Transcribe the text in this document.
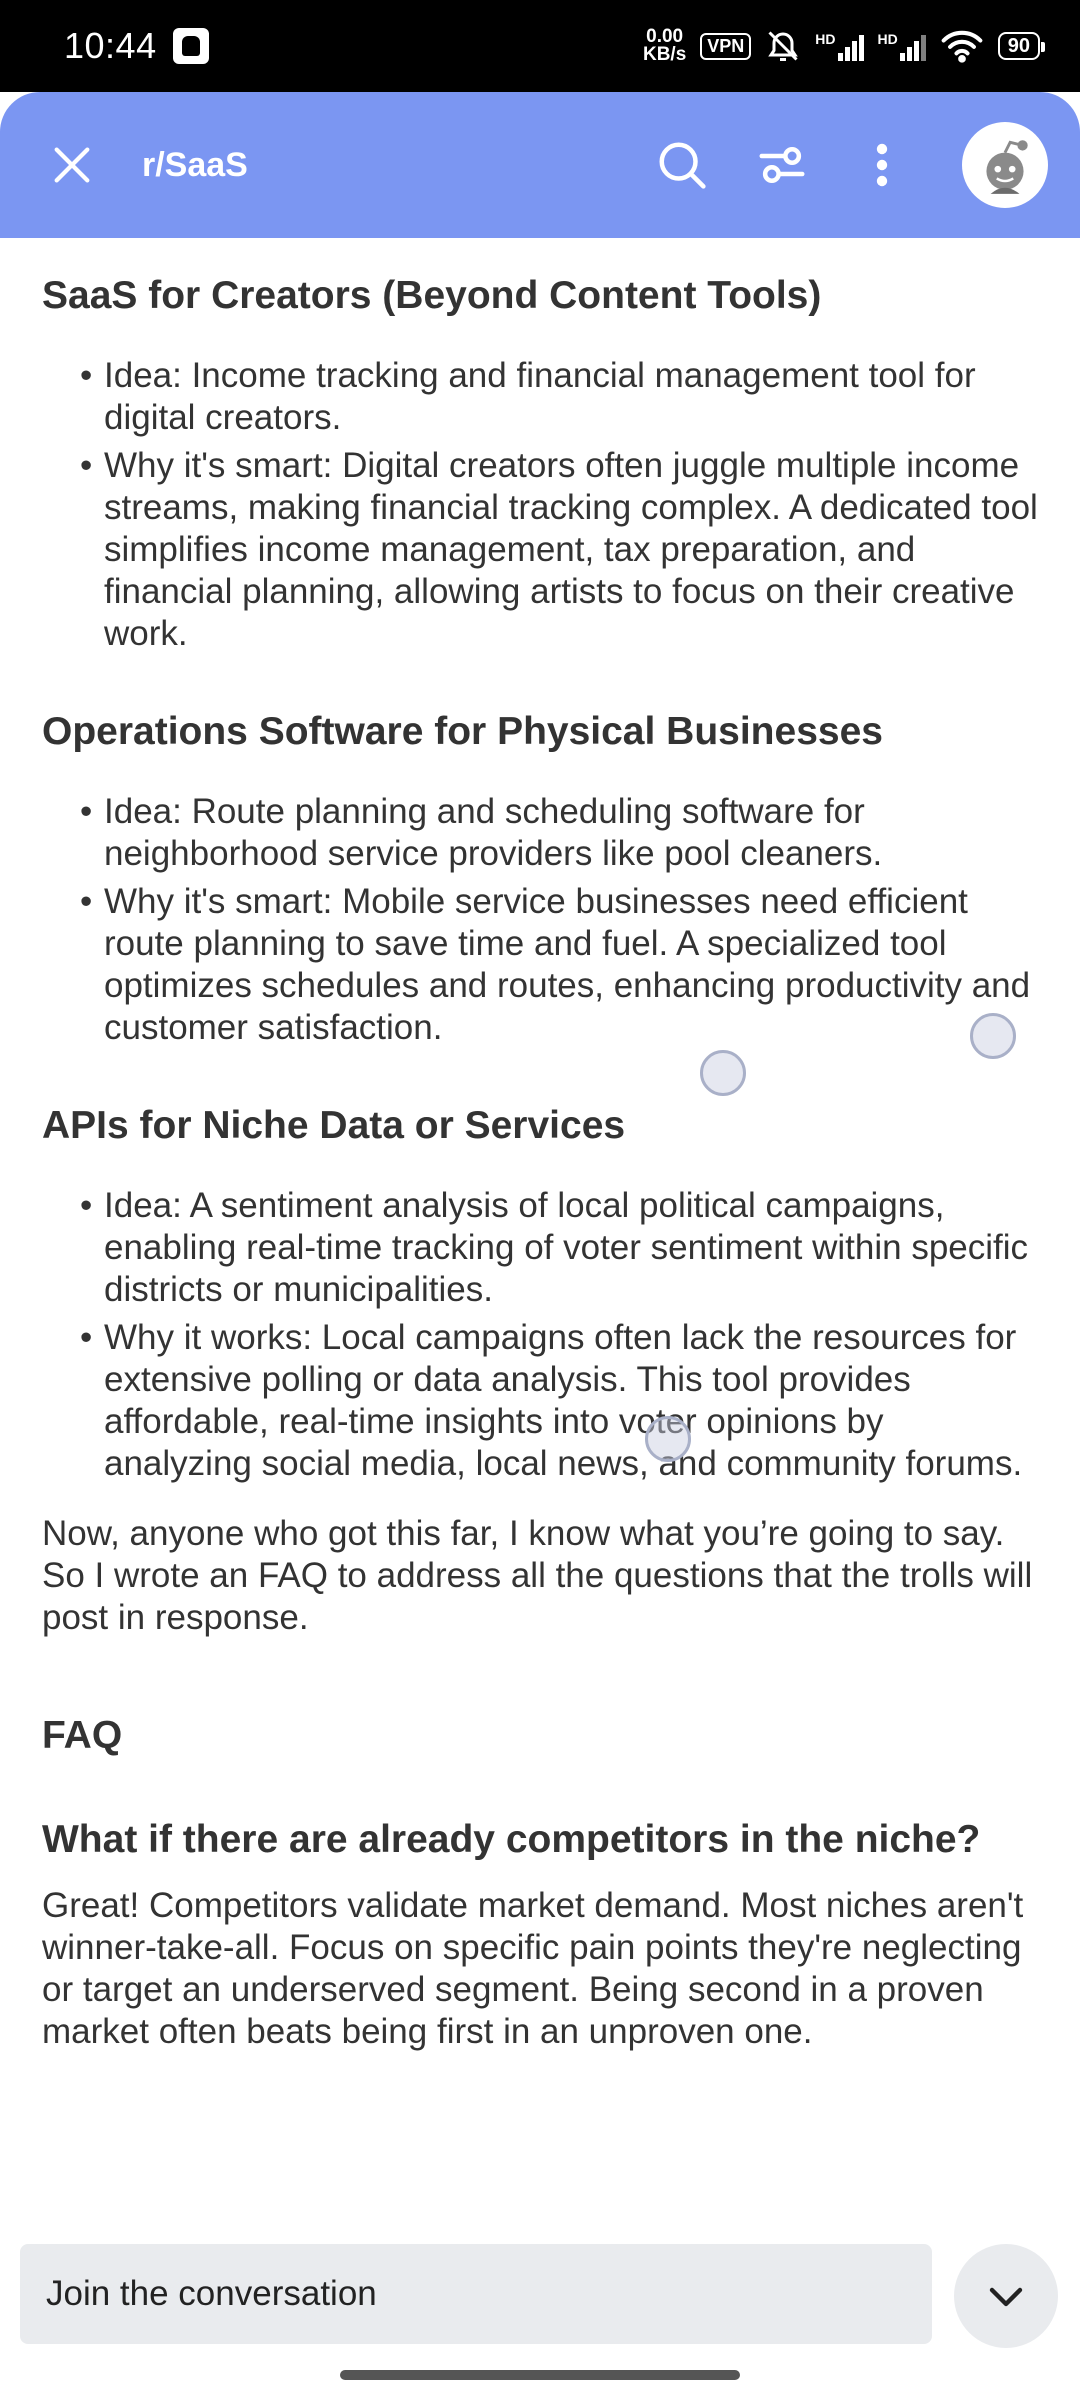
10:44	0.00
KB/s	VPN	HD	HD	90
r/SaaS
SaaS for Creators (Beyond Content Tools)
• Idea: Income tracking and financial management tool for digital creators.
• Why it's smart: Digital creators often juggle multiple income streams, making financial tracking complex. A dedicated tool simplifies income management, tax preparation, and financial planning, allowing artists to focus on their creative work.
Operations Software for Physical Businesses
• Idea: Route planning and scheduling software for neighborhood service providers like pool cleaners.
• Why it's smart: Mobile service businesses need efficient route planning to save time and fuel. A specialized tool optimizes schedules and routes, enhancing productivity and customer satisfaction.
APIs for Niche Data or Services
• Idea: A sentiment analysis of local political campaigns, enabling real-time tracking of voter sentiment within specific districts or municipalities.
• Why it works: Local campaigns often lack the resources for extensive polling or data analysis. This tool provides affordable, real-time insights into voter opinions by analyzing social media, local news, and community forums.

Now, anyone who got this far, I know what you’re going to say. So I wrote an FAQ to address all the questions that the trolls will post in response.

FAQ
What if there are already competitors in the niche?

Great! Competitors validate market demand. Most niches aren't winner-take-all. Focus on specific pain points they're neglecting or target an underserved segment. Being second in a proven market often beats being first in an unproven one.

Join the conversation
